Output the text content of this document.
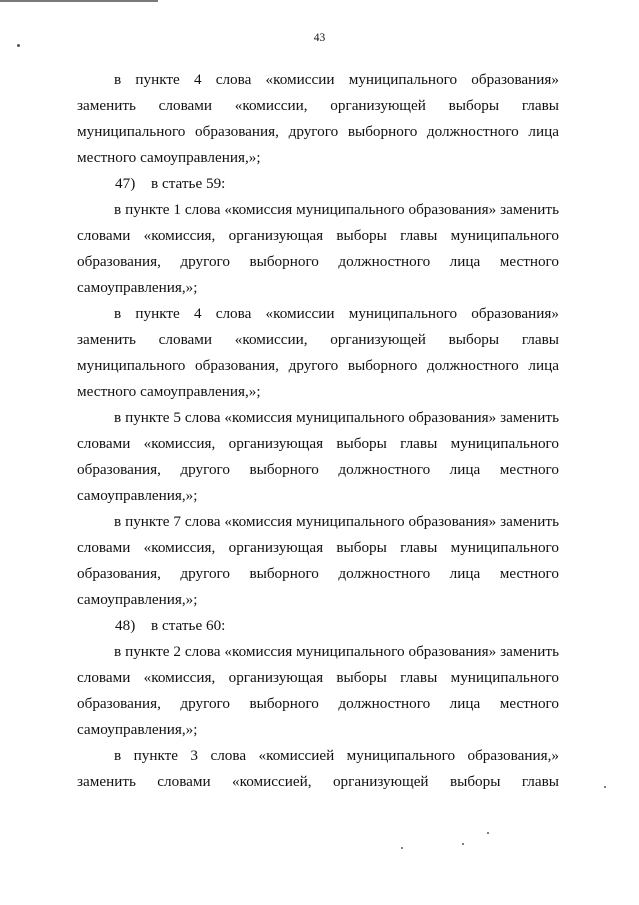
43

в пункте 4 слова «комиссии муниципального образования» заменить словами «комиссии, организующей выборы главы муниципального образования, другого выборного должностного лица местного самоуправления,»;

47) в статье 59:

в пункте 1 слова «комиссия муниципального образования» заменить словами «комиссия, организующая выборы главы муниципального образования, другого выборного должностного лица местного самоуправления,»;

в пункте 4 слова «комиссии муниципального образования» заменить словами «комиссии, организующей выборы главы муниципального образования, другого выборного должностного лица местного самоуправления,»;

в пункте 5 слова «комиссия муниципального образования» заменить словами «комиссия, организующая выборы главы муниципального образования, другого выборного должностного лица местного самоуправления,»;

в пункте 7 слова «комиссия муниципального образования» заменить словами «комиссия, организующая выборы главы муниципального образования, другого выборного должностного лица местного самоуправления,»;

48) в статье 60:

в пункте 2 слова «комиссия муниципального образования» заменить словами «комиссия, организующая выборы главы муниципального образования, другого выборного должностного лица местного самоуправления,»;

в пункте 3 слова «комиссией муниципального образования,» заменить словами «комиссией, организующей выборы главы
